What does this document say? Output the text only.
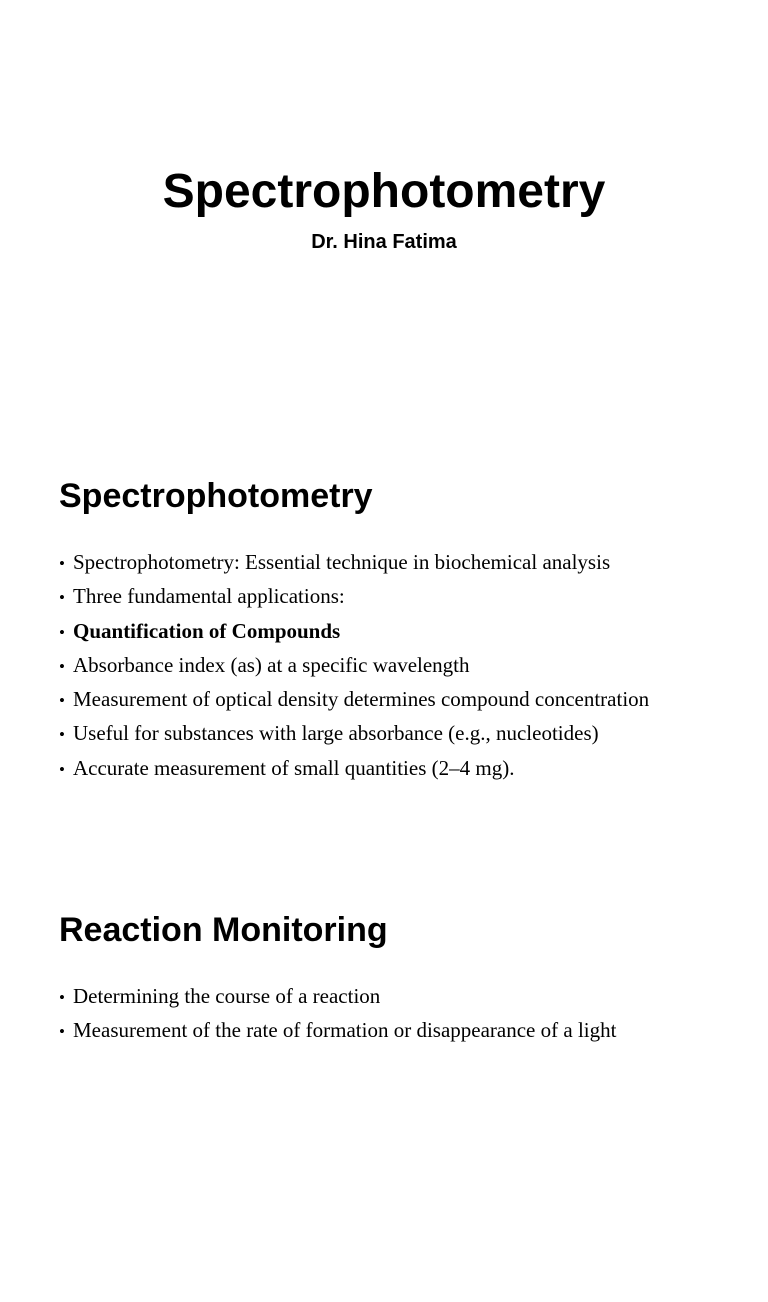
Spectrophotometry

Dr. Hina Fatima

Spectrophotometry
• Spectrophotometry: Essential technique in biochemical analysis
• Three fundamental applications:
• Quantification of Compounds
• Absorbance index (as) at a specific wavelength
• Measurement of optical density determines compound concentration
• Useful for substances with large absorbance (e.g., nucleotides)
• Accurate measurement of small quantities (2–4 mg).
Reaction Monitoring
• Determining the course of a reaction
• Measurement of the rate of formation or disappearance of a light
